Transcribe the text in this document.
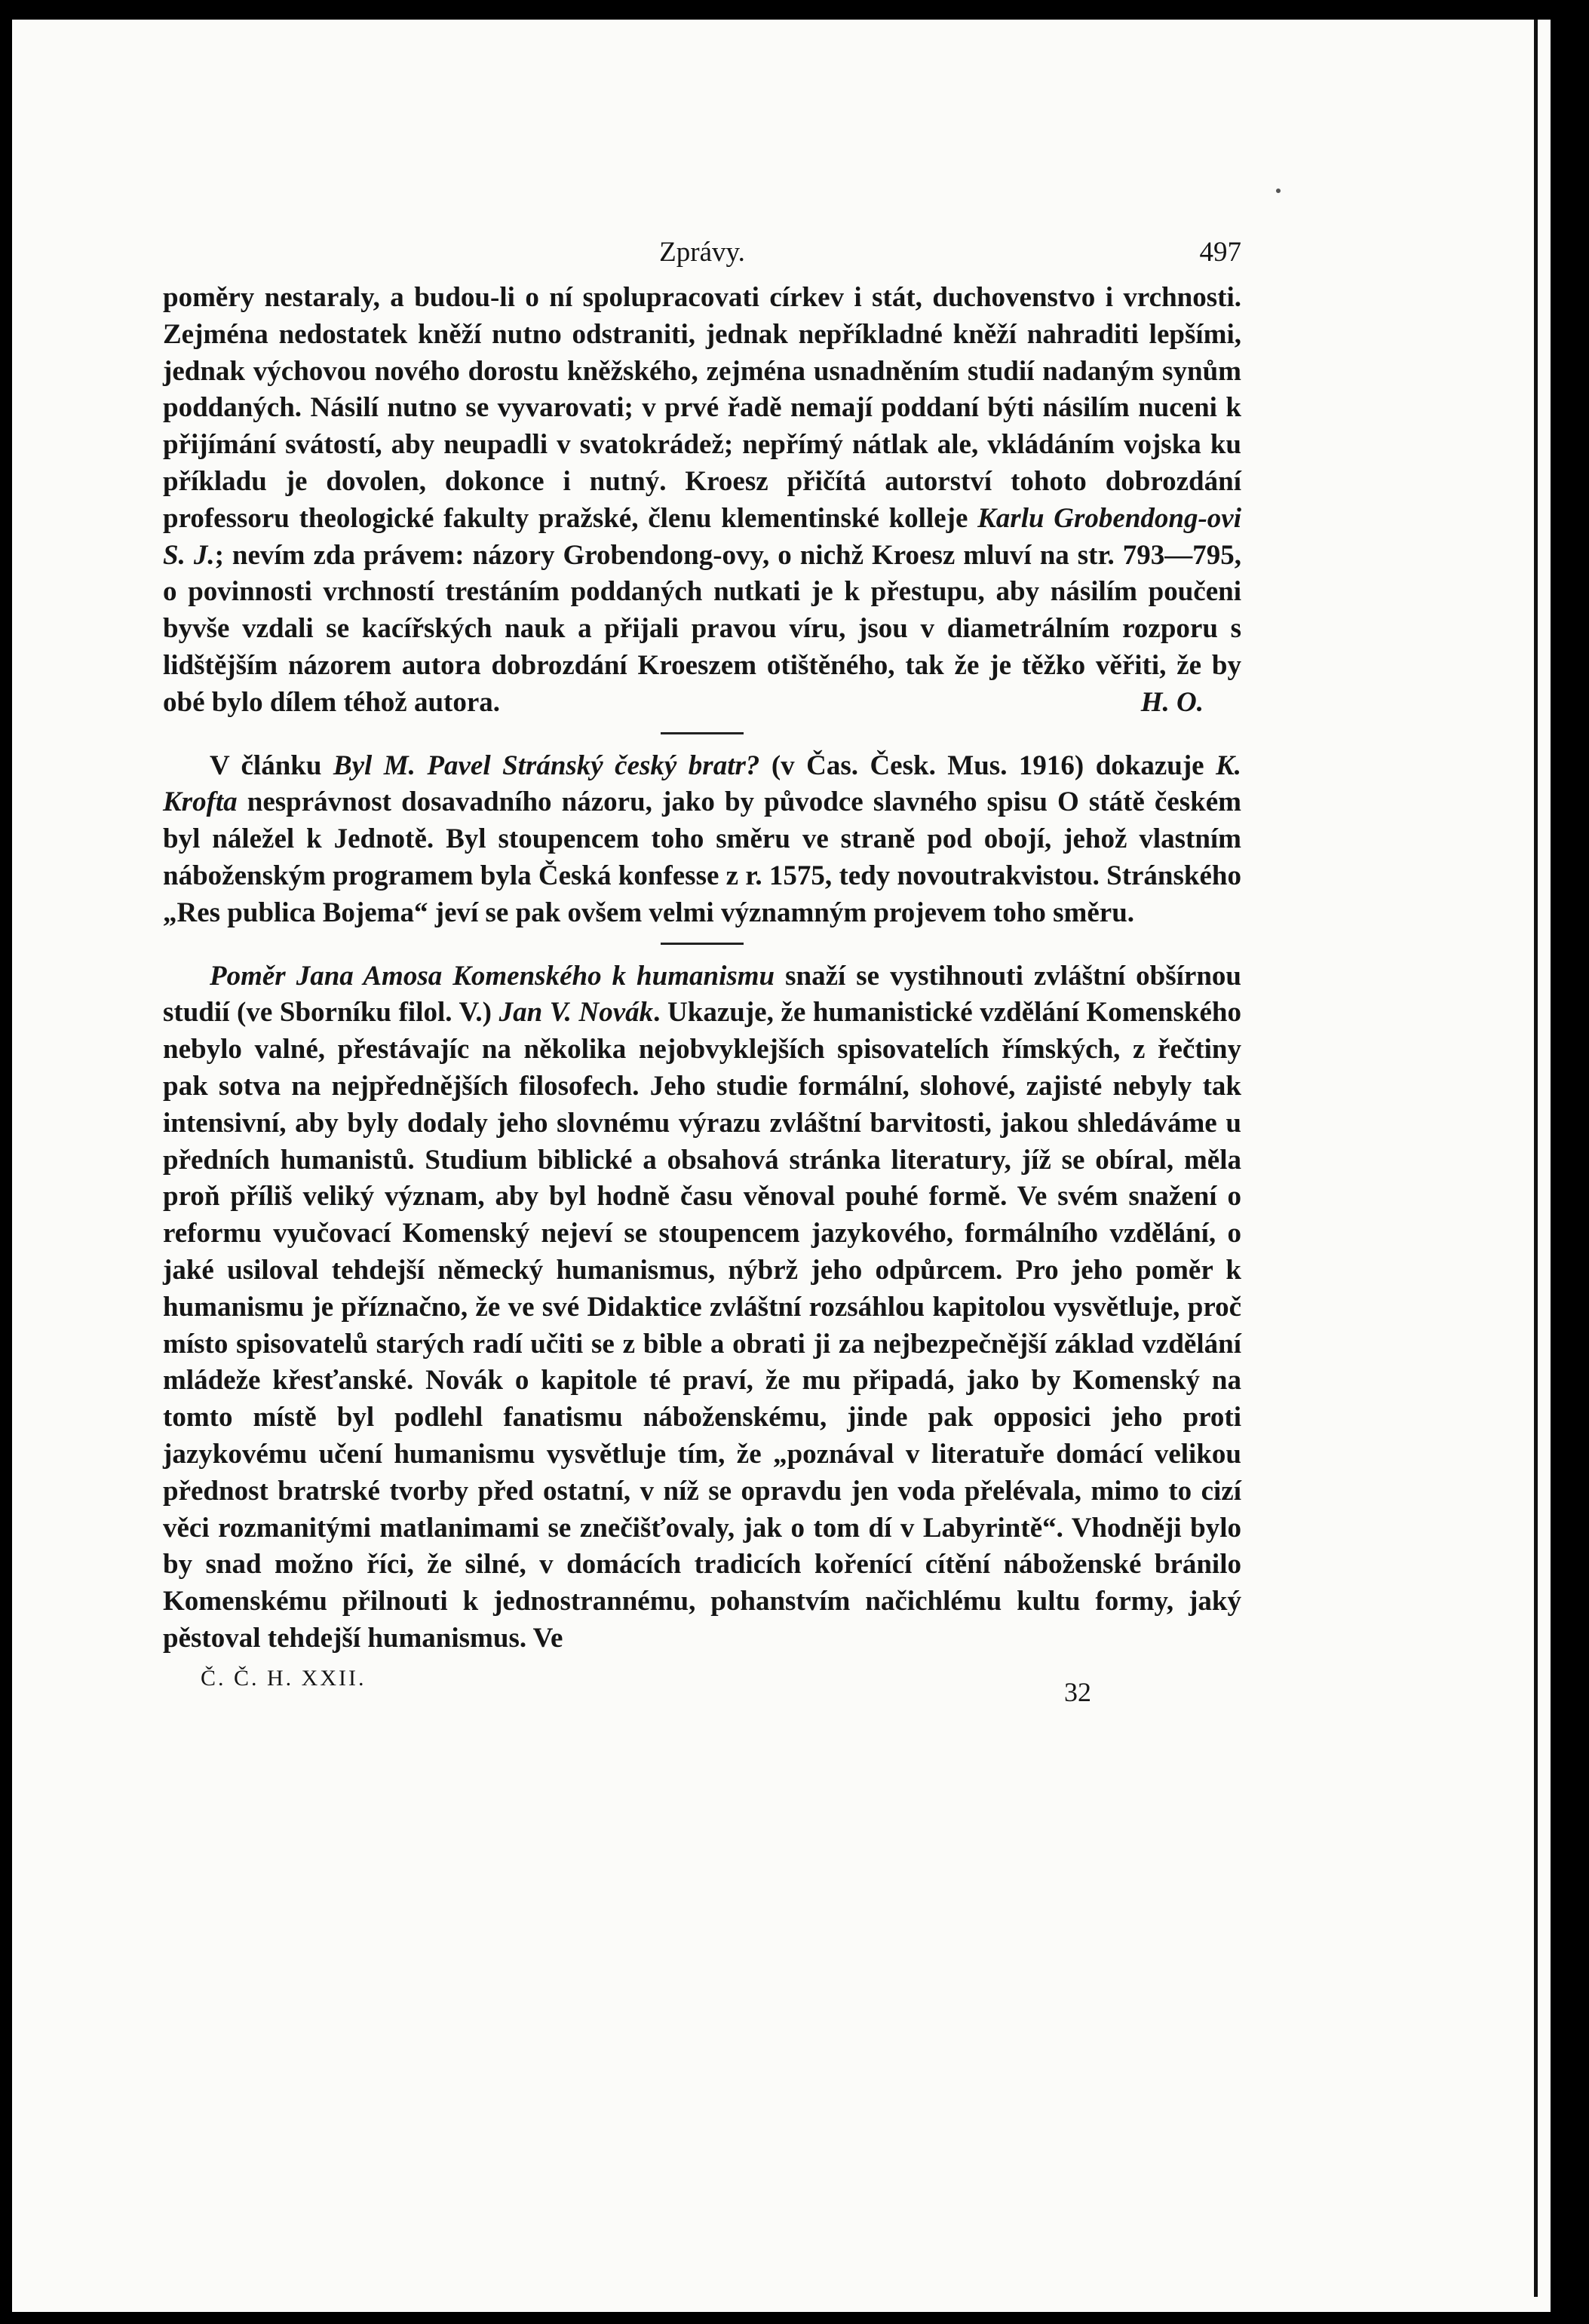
Zprávy.	497

poměry nestaraly, a budou-li o ní spolupracovati církev i stát, duchovenstvo i vrchnosti. Zejména nedostatek kněží nutno odstraniti, jednak nepříkladné kněží nahraditi lepšími, jednak výchovou nového dorostu kněžského, zejména usnadněním studií nadaným synům poddaných. Násilí nutno se vyvarovati; v prvé řadě nemají poddaní býti násilím nuceni k přijímání svátostí, aby neupadli v svatokrádež; nepřímý nátlak ale, vkládáním vojska ku příkladu je dovolen, dokonce i nutný. Kroesz přičítá autorství tohoto dobrozdání professoru theologické fakulty pražské, členu klementinské kolleje Karlu Grobendong-ovi S. J.; nevím zda právem: názory Grobendong-ovy, o nichž Kroesz mluví na str. 793—795, o povinnosti vrchností trestáním poddaných nutkati je k přestupu, aby násilím poučeni byvše vzdali se kacířských nauk a přijali pravou víru, jsou v diametrálním rozporu s lidštějším názorem autora dobrozdání Kroeszem otištěného, tak že je těžko věřiti, že by obé bylo dílem téhož autora.	H. O.

V článku Byl M. Pavel Stránský český bratr? (v Čas. Česk. Mus. 1916) dokazuje K. Krofta nesprávnost dosavadního názoru, jako by původce slavného spisu O státě českém byl náležel k Jednotě. Byl stoupencem toho směru ve straně pod obojí, jehož vlastním náboženským programem byla Česká konfesse z r. 1575, tedy novoutrakvistou. Stránského „Res publica Bojema“ jeví se pak ovšem velmi významným projevem toho směru.

Poměr Jana Amosa Komenského k humanismu snaží se vystihnouti zvláštní obšírnou studií (ve Sborníku filol. V.) Jan V. Novák. Ukazuje, že humanistické vzdělání Komenského nebylo valné, přestávajíc na několika nejobvyklejších spisovatelích římských, z řečtiny pak sotva na nejpřednějších filosofech. Jeho studie formální, slohové, zajisté nebyly tak intensivní, aby byly dodaly jeho slovnému výrazu zvláštní barvitosti, jakou shledáváme u předních humanistů. Studium biblické a obsahová stránka literatury, jíž se obíral, měla proň příliš veliký význam, aby byl hodně času věnoval pouhé formě. Ve svém snažení o reformu vyučovací Komenský nejeví se stoupencem jazykového, formálního vzdělání, o jaké usiloval tehdejší německý humanismus, nýbrž jeho odpůrcem. Pro jeho poměr k humanismu je příznačno, že ve své Didaktice zvláštní rozsáhlou kapitolou vysvětluje, proč místo spisovatelů starých radí učiti se z bible a obrati ji za nejbezpečnější základ vzdělání mládeže křesťanské. Novák o kapitole té praví, že mu připadá, jako by Komenský na tomto místě byl podlehl fanatismu náboženskému, jinde pak opposici jeho proti jazykovému učení humanismu vysvětluje tím, že „poznával v literatuře domácí velikou přednost bratrské tvorby před ostatní, v níž se opravdu jen voda přelévala, mimo to cizí věci rozmanitými matlanimami se znečišťovaly, jak o tom dí v Labyrintě“. Vhodněji bylo by snad možno říci, že silné, v domácích tradicích kořenící cítění náboženské bránilo Komenskému přilnouti k jednostrannému, pohanstvím načichlému kultu formy, jaký pěstoval tehdejší humanismus. Ve

Č. Č. H. XXII.	32
